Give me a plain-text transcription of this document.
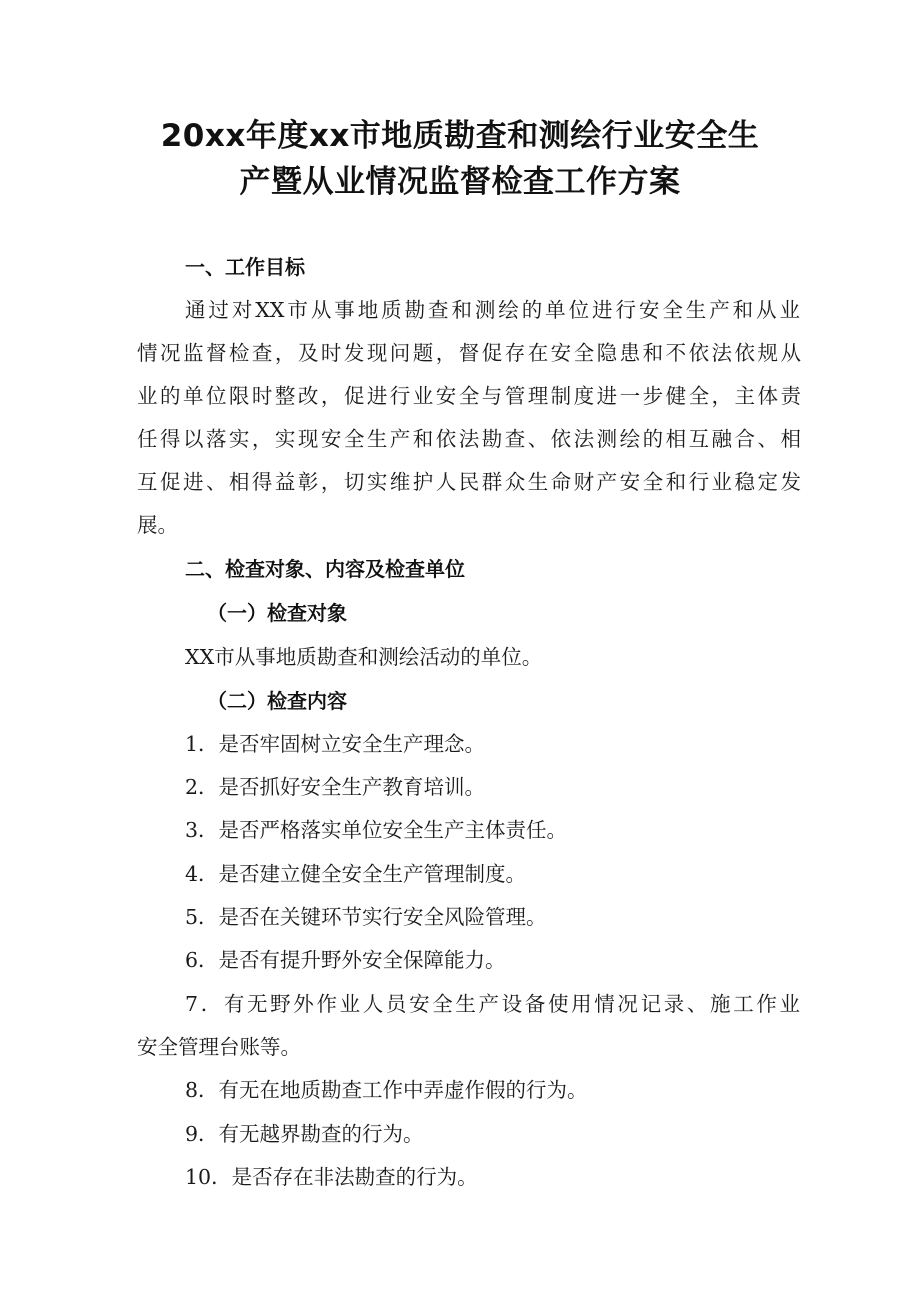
20xx年度xx市地质勘查和测绘行业安全生
产暨从业情况监督检查工作方案

一、工作目标

通过对XX市从事地质勘查和测绘的单位进行安全生产和从业

情况监督检查，及时发现问题，督促存在安全隐患和不依法依规从

业的单位限时整改，促进行业安全与管理制度进一步健全，主体责

任得以落实，实现安全生产和依法勘查、依法测绘的相互融合、相

互促进、相得益彰，切实维护人民群众生命财产安全和行业稳定发

展。

二、检查对象、内容及检查单位

（一）检查对象

XX市从事地质勘查和测绘活动的单位。

（二）检查内容

1．是否牢固树立安全生产理念。

2．是否抓好安全生产教育培训。

3．是否严格落实单位安全生产主体责任。

4．是否建立健全安全生产管理制度。

5．是否在关键环节实行安全风险管理。

6．是否有提升野外安全保障能力。

7．有无野外作业人员安全生产设备使用情况记录、施工作业

安全管理台账等。

8．有无在地质勘查工作中弄虚作假的行为。

9．有无越界勘查的行为。

10．是否存在非法勘查的行为。
